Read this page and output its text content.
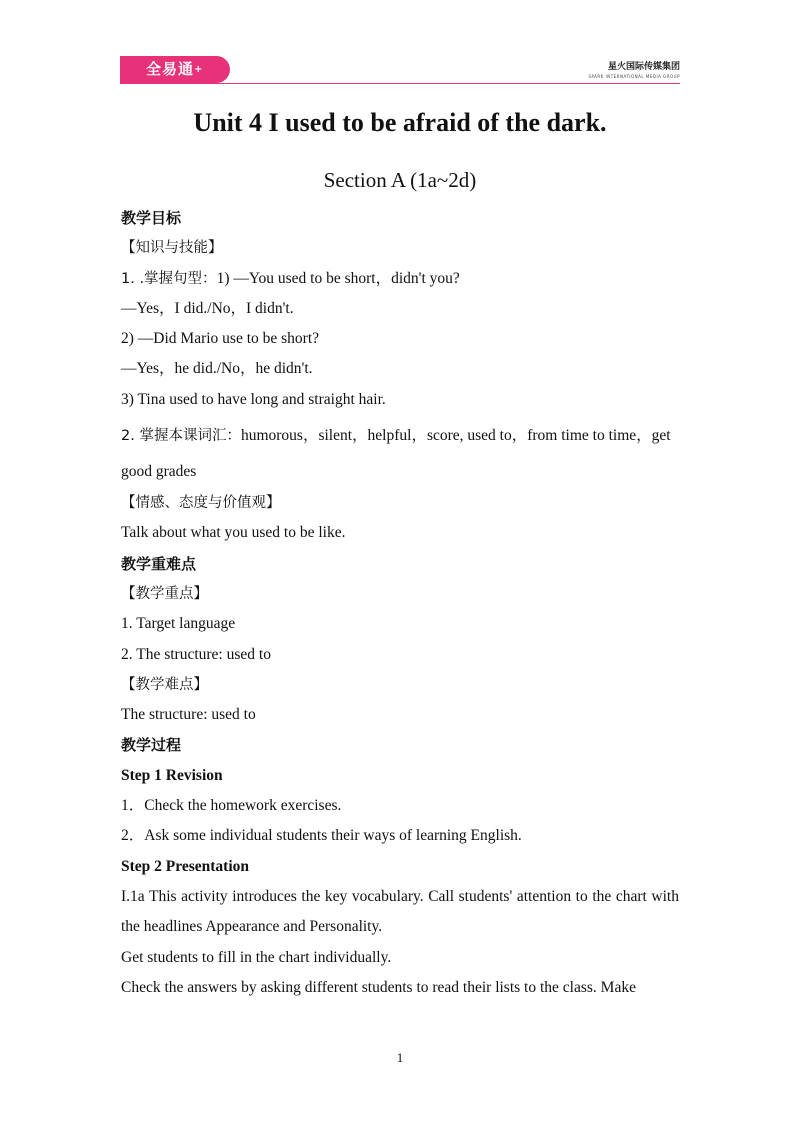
全易通+	星火国际传媒集团
SPARK INTERNATIONAL MEDIA GROUP
Unit 4 I used to be afraid of the dark.
Section A (1a~2d)
教学目标
【知识与技能】
1. .掌握句型：1) —You used to be short，didn't you?
—Yes，I did./No，I didn't.
2) —Did Mario use to be short?
—Yes，he did./No，he didn't.
3) Tina used to have long and straight hair.
2. 掌握本课词汇：humorous，silent，helpful，score, used to，from time to time，get
good grades
【情感、态度与价值观】
Talk about what you used to be like.
教学重难点
【教学重点】
1. Target language
2. The structure: used to
【教学难点】
The structure: used to
教学过程
Step 1 Revision
1．Check the homework exercises.
2．Ask some individual students their ways of learning English.
Step 2 Presentation
I.1a This activity introduces the key vocabulary. Call students' attention to the chart with the headlines Appearance and Personality.
Get students to fill in the chart individually.
Check the answers by asking different students to read their lists to the class. Make
1
